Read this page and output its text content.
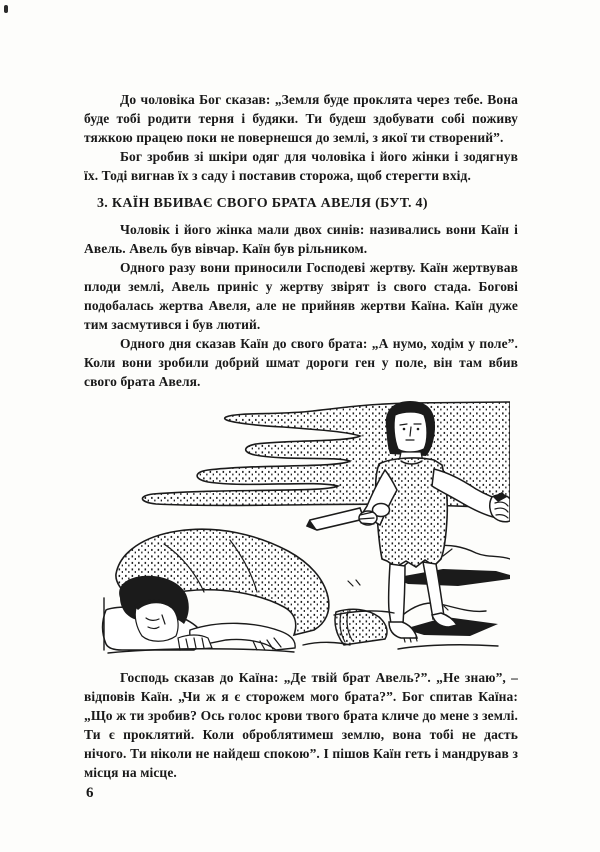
До чоловіка Бог сказав: „Земля буде проклята через тебе. Вона буде тобі родити терня і будяки. Ти будеш здобувати собі поживу тяжкою працею поки не повернешся до землі, з якої ти створений”.

Бог зробив зі шкіри одяг для чоловіка і його жінки і зодягнув їх. Тоді вигнав їх з саду і поставив сторожа, щоб стерегти вхід.

3. КАЇН ВБИВАЄ СВОГО БРАТА АВЕЛЯ (БУТ. 4)

Чоловік і його жінка мали двох синів: називались вони Каїн і Авель. Авель був вівчар. Каїн був рільником.

Одного разу вони приносили Господеві жертву. Каїн жертвував плоди землі, Авель приніс у жертву звірят із свого стада. Богові подобалась жертва Авеля, але не прийняв жертви Каїна. Каїн дуже тим засмутився і був лютий.

Одного дня сказав Каїн до свого брата: „А нумо, ходім у поле”. Коли вони зробили добрий шмат дороги ген у поле, він там вбив свого брата Авеля.

Господь сказав до Каїна: „Де твій брат Авель?”. „Не знаю”, – відповів Каїн. „Чи ж я є сторожем мого брата?”. Бог спитав Каїна: „Що ж ти зробив? Ось голос крови твого брата кличе до мене з землі. Ти є проклятий. Коли оброблятимеш землю, вона тобі не дасть нічого. Ти ніколи не найдеш спокою”. І пішов Каїн геть і мандрував з місця на місце.

6
